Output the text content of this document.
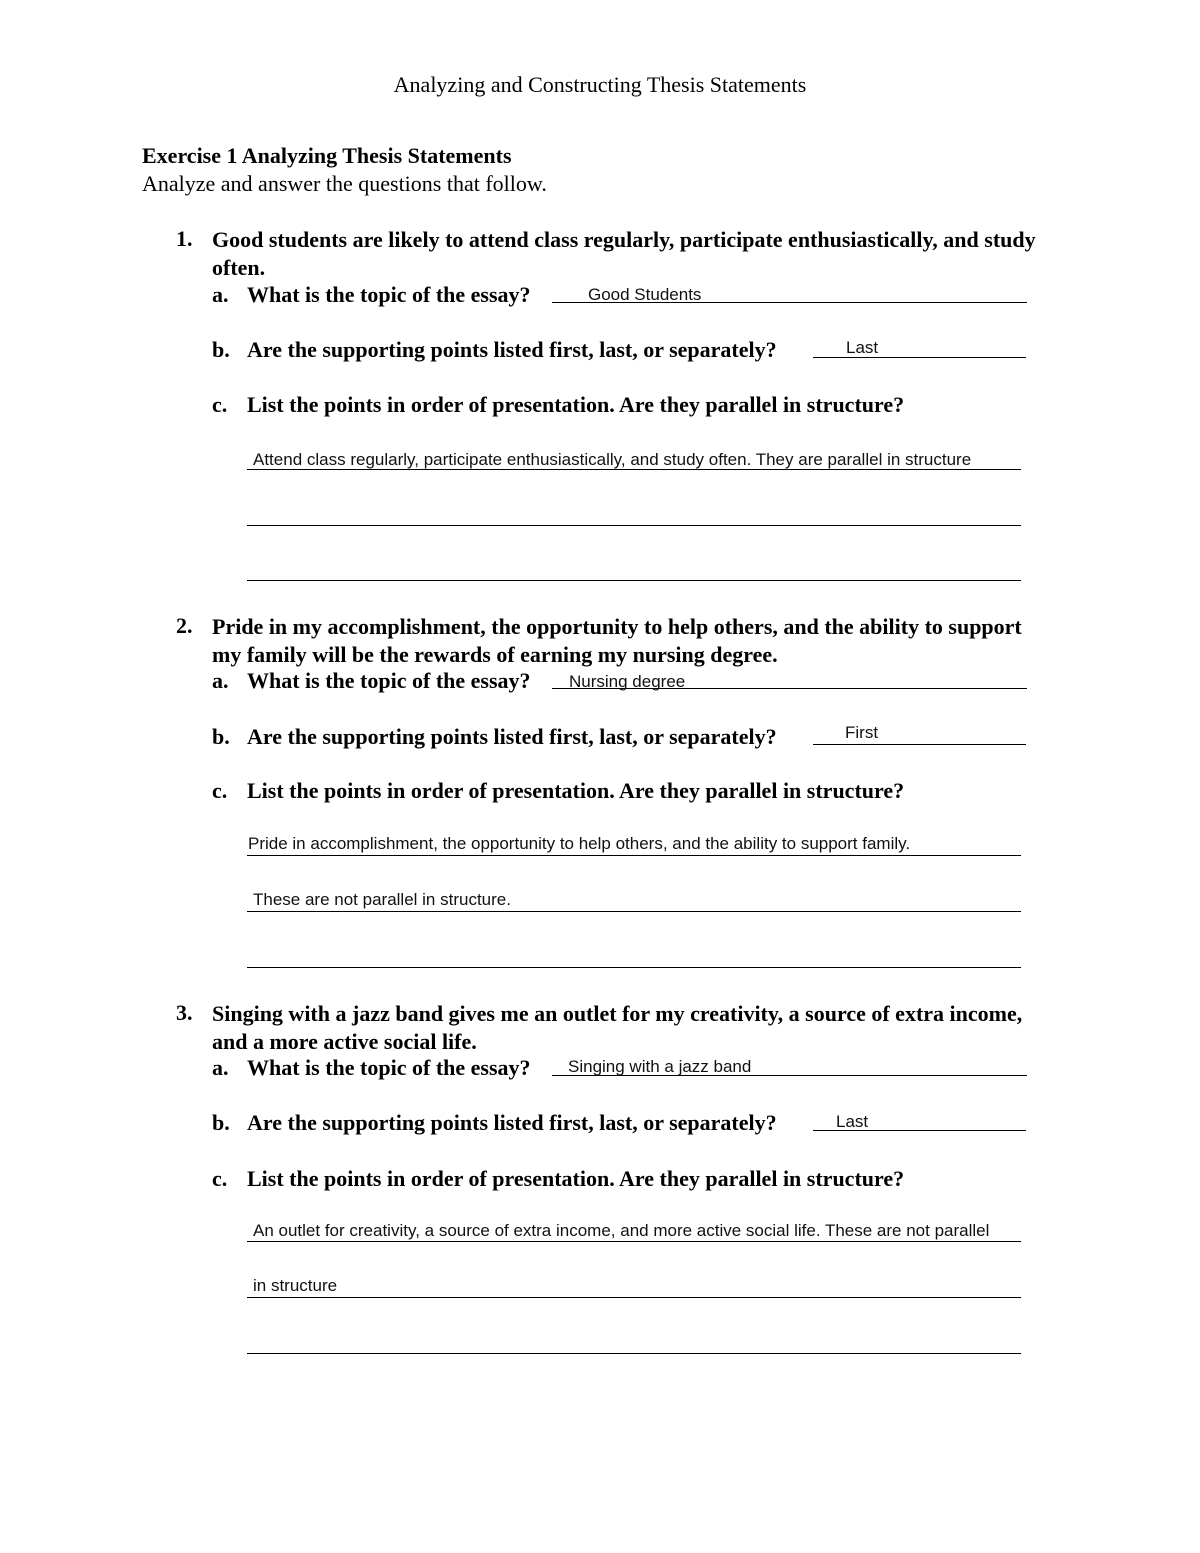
Analyzing and Constructing Thesis Statements
Exercise 1 Analyzing Thesis Statements
Analyze and answer the questions that follow.
1. Good students are likely to attend class regularly, participate enthusiastically, and study often.
a. What is the topic of the essay?	Good Students
b. Are the supporting points listed first, last, or separately?	Last
c. List the points in order of presentation. Are they parallel in structure?
Attend class regularly, participate enthusiastically, and study often. They are parallel in structure
2. Pride in my accomplishment, the opportunity to help others, and the ability to support my family will be the rewards of earning my nursing degree.
a. What is the topic of the essay? Nursing degree
b. Are the supporting points listed first, last, or separately?	First
c. List the points in order of presentation. Are they parallel in structure?
Pride in accomplishment, the opportunity to help others, and the ability to support family.
These are not parallel in structure.
3. Singing with a jazz band gives me an outlet for my creativity, a source of extra income, and a more active social life.
a. What is the topic of the essay? Singing with a jazz band
b. Are the supporting points listed first, last, or separately?	Last
c. List the points in order of presentation. Are they parallel in structure?
An outlet for creativity, a source of extra income, and more active social life. These are not parallel
in structure
